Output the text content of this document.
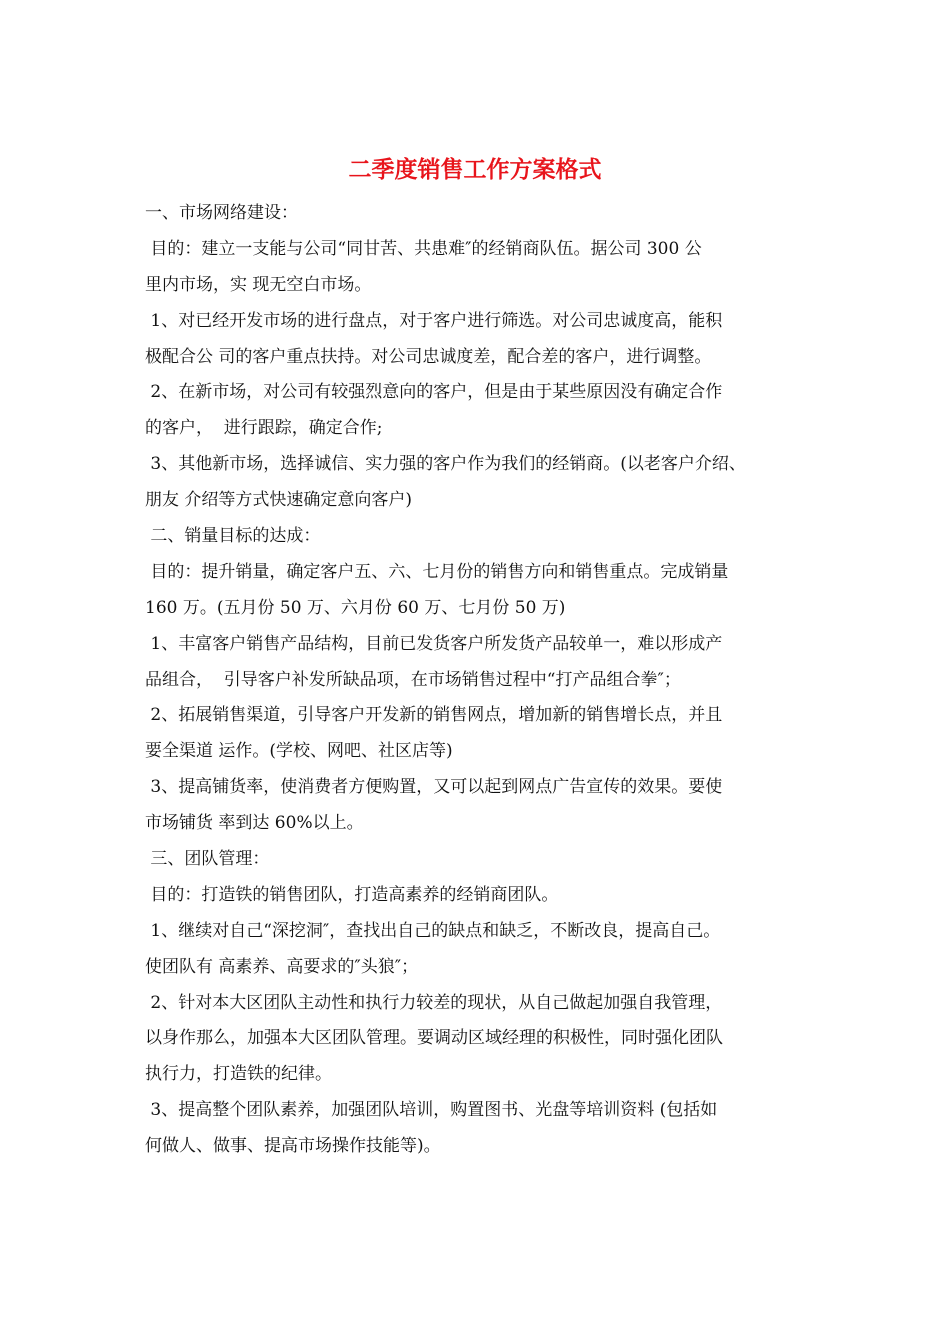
二季度销售工作方案格式
一、市场网络建设：
目的：建立一支能与公司“同甘苦、共患难″的经销商队伍。据公司 300 公
里内市场，实 现无空白市场。
1、对已经开发市场的进行盘点，对于客户进行筛选。对公司忠诚度高，能积
极配合公 司的客户重点扶持。对公司忠诚度差，配合差的客户，进行调整。
2、在新市场，对公司有较强烈意向的客户，但是由于某些原因没有确定合作
的客户，  进行跟踪，确定合作;
3、其他新市场，选择诚信、实力强的客户作为我们的经销商。(以老客户介绍、
朋友 介绍等方式快速确定意向客户)
二、销量目标的达成：
目的：提升销量，确定客户五、六、七月份的销售方向和销售重点。完成销量
160 万。(五月份 50 万、六月份 60 万、七月份 50 万)
1、丰富客户销售产品结构，目前已发货客户所发货产品较单一，难以形成产
品组合，  引导客户补发所缺品项，在市场销售过程中“打产品组合拳″；
2、拓展销售渠道，引导客户开发新的销售网点，增加新的销售增长点，并且
要全渠道 运作。(学校、网吧、社区店等)
3、提高铺货率，使消费者方便购置，又可以起到网点广告宣传的效果。要使
市场铺货 率到达 60%以上。
三、团队管理：
目的：打造铁的销售团队，打造高素养的经销商团队。
1、继续对自己“深挖洞″，查找出自己的缺点和缺乏，不断改良，提高自己。
使团队有 高素养、高要求的″头狼″；
2、针对本大区团队主动性和执行力较差的现状，从自己做起加强自我管理，
以身作那么，加强本大区团队管理。要调动区域经理的积极性，同时强化团队
执行力，打造铁的纪律。
3、提高整个团队素养，加强团队培训，购置图书、光盘等培训资料 (包括如
何做人、做事、提高市场操作技能等)。
